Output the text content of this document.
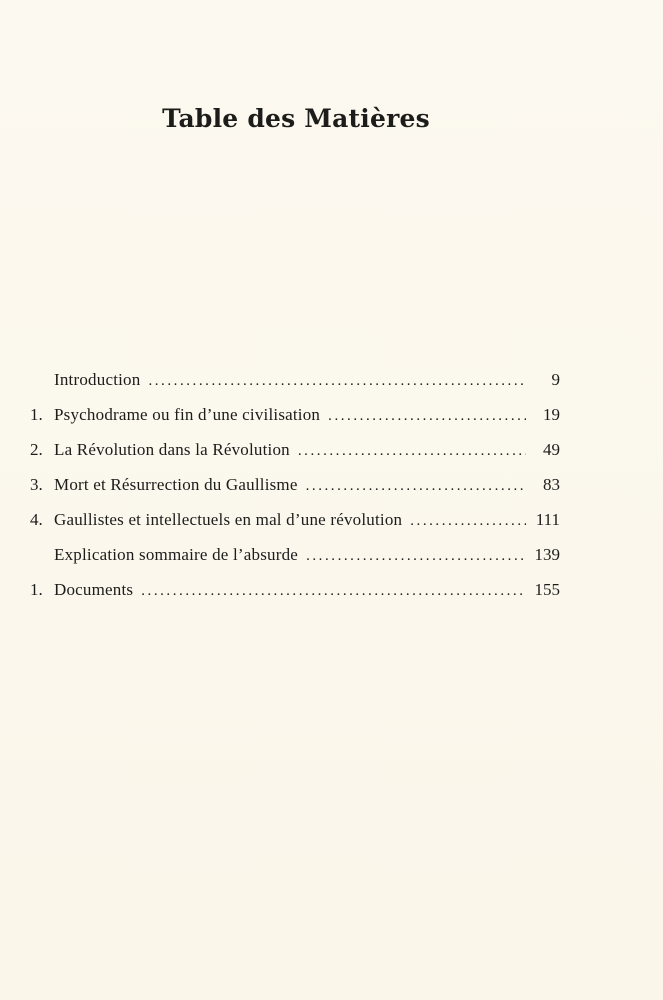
Table des Matières
Introduction . . .	9
1. Psychodrame ou fin d’une civilisation . . .	19
2. La Révolution dans la Révolution . . .	49
3. Mort et Résurrection du Gaullisme . . .	83
4. Gaullistes et intellectuels en mal d’une révolution . . .	111
Explication sommaire de l’absurde . . .	139
1. Documents . . .	155
